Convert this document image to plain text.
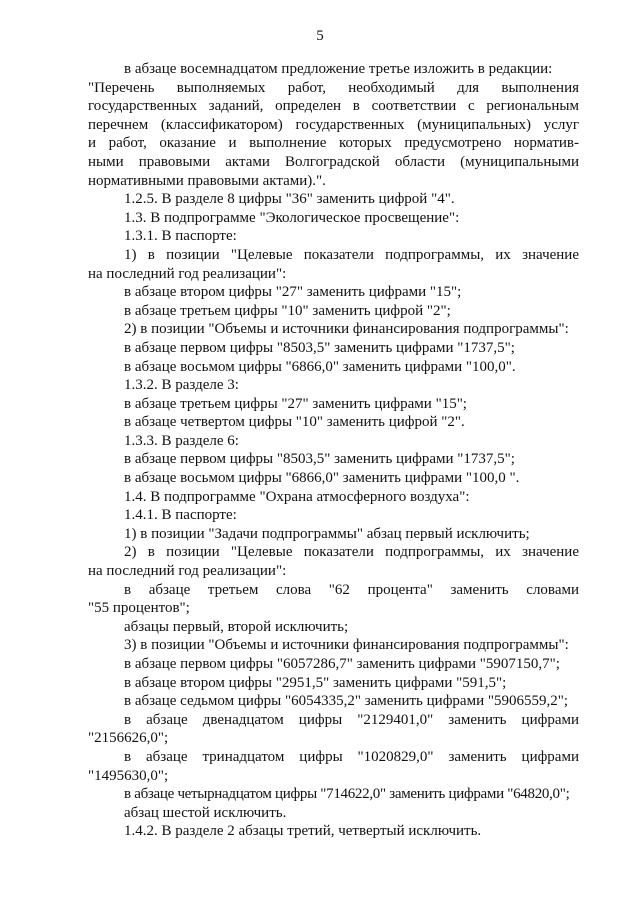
5
в абзаце восемнадцатом предложение третье изложить в редакции:
"Перечень выполняемых работ, необходимый для выполнения
государственных заданий, определен в соответствии с региональным
перечнем (классификатором) государственных (муниципальных) услуг
и работ, оказание и выполнение которых предусмотрено норматив-
ными правовыми актами Волгоградской области (муниципальными
нормативными правовыми актами).".
1.2.5. В разделе 8 цифры "36" заменить цифрой "4".
1.3. В подпрограмме "Экологическое просвещение":
1.3.1. В паспорте:
1) в позиции "Целевые показатели подпрограммы, их значение
на последний год реализации":
в абзаце втором цифры "27" заменить цифрами "15";
в абзаце третьем цифры "10" заменить цифрой "2";
2) в позиции "Объемы и источники финансирования подпрограммы":
в абзаце первом цифры "8503,5" заменить цифрами "1737,5";
в абзаце восьмом цифры "6866,0" заменить цифрами "100,0".
1.3.2. В разделе 3:
в абзаце третьем цифры "27" заменить цифрами "15";
в абзаце четвертом цифры "10" заменить цифрой "2".
1.3.3. В разделе 6:
в абзаце первом цифры "8503,5" заменить цифрами "1737,5";
в абзаце восьмом цифры "6866,0" заменить цифрами "100,0 ".
1.4. В подпрограмме "Охрана атмосферного воздуха":
1.4.1. В паспорте:
1) в позиции "Задачи подпрограммы" абзац первый исключить;
2) в позиции "Целевые показатели подпрограммы, их значение
на последний год реализации":
в абзаце третьем слова "62 процента" заменить словами
"55 процентов";
абзацы первый, второй исключить;
3) в позиции "Объемы и источники финансирования подпрограммы":
в абзаце первом цифры "6057286,7" заменить цифрами "5907150,7";
в абзаце втором цифры "2951,5" заменить цифрами "591,5";
в абзаце седьмом цифры "6054335,2" заменить цифрами "5906559,2";
в абзаце двенадцатом цифры "2129401,0" заменить цифрами
"2156626,0";
в абзаце тринадцатом цифры "1020829,0" заменить цифрами
"1495630,0";
в абзаце четырнадцатом цифры "714622,0" заменить цифрами "64820,0";
абзац шестой исключить.
1.4.2. В разделе 2 абзацы третий, четвертый исключить.
